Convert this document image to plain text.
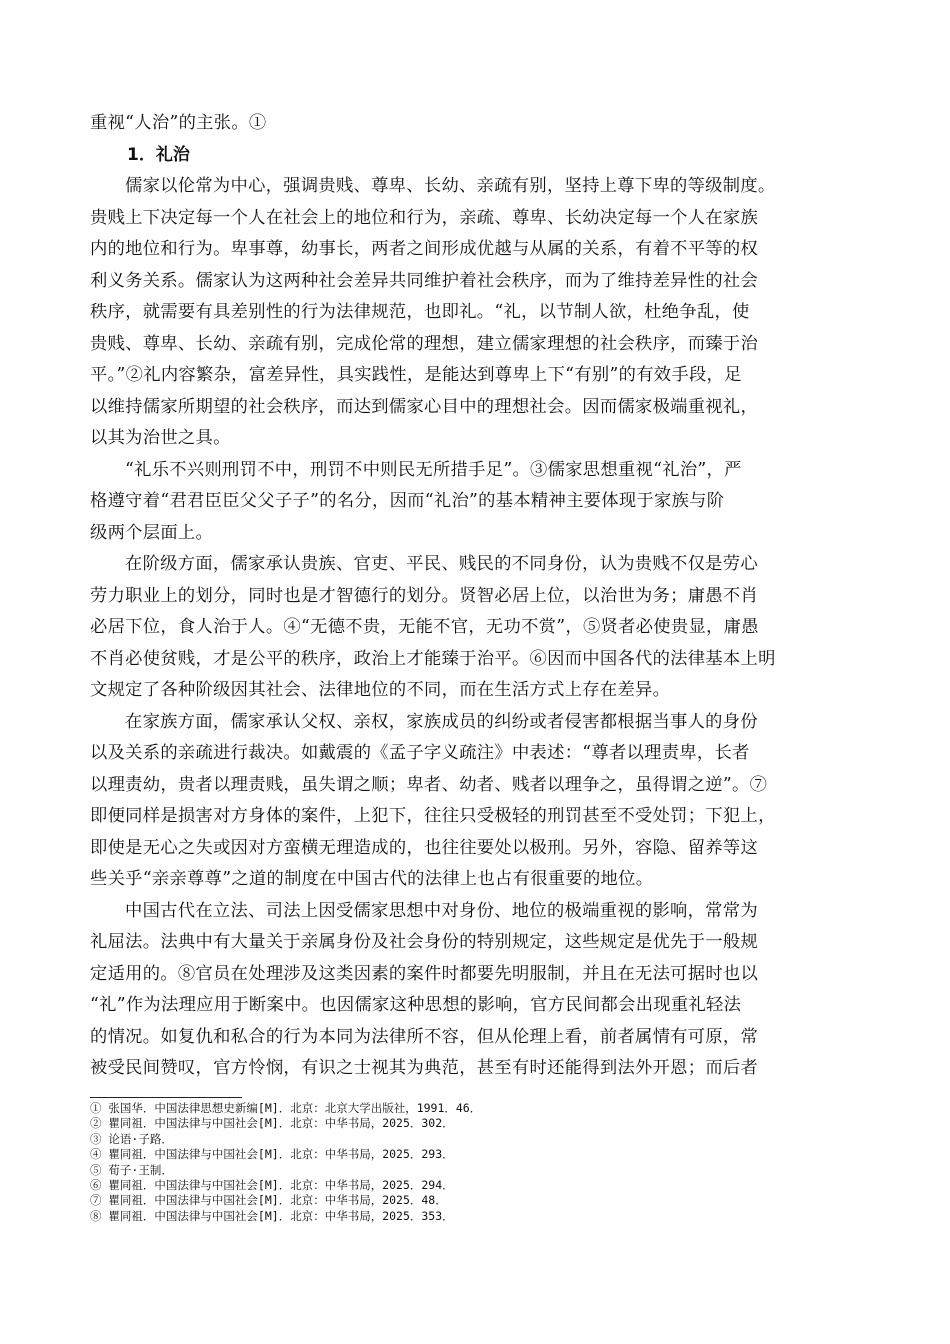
重视“人治”的主张。①

1．礼治

儒家以伦常为中心，强调贵贱、尊卑、长幼、亲疏有别，坚持上尊下卑的等级制度。

贵贱上下决定每一个人在社会上的地位和行为，亲疏、尊卑、长幼决定每一个人在家族

内的地位和行为。卑事尊，幼事长，两者之间形成优越与从属的关系，有着不平等的权

利义务关系。儒家认为这两种社会差异共同维护着社会秩序，而为了维持差异性的社会

秩序，就需要有具差别性的行为法律规范，也即礼。“礼，以节制人欲，杜绝争乱，使

贵贱、尊卑、长幼、亲疏有别，完成伦常的理想，建立儒家理想的社会秩序，而臻于治

平。”②礼内容繁杂，富差异性，具实践性，是能达到尊卑上下“有别”的有效手段，足

以维持儒家所期望的社会秩序，而达到儒家心目中的理想社会。因而儒家极端重视礼，

以其为治世之具。

“礼乐不兴则刑罚不中，刑罚不中则民无所措手足”。③儒家思想重视“礼治”，严

格遵守着“君君臣臣父父子子”的名分，因而“礼治”的基本精神主要体现于家族与阶

级两个层面上。

在阶级方面，儒家承认贵族、官吏、平民、贱民的不同身份，认为贵贱不仅是劳心

劳力职业上的划分，同时也是才智德行的划分。贤智必居上位，以治世为务；庸愚不肖

必居下位，食人治于人。④“无德不贵，无能不官，无功不赏”，⑤贤者必使贵显，庸愚

不肖必使贫贱，才是公平的秩序，政治上才能臻于治平。⑥因而中国各代的法律基本上明

文规定了各种阶级因其社会、法律地位的不同，而在生活方式上存在差异。

在家族方面，儒家承认父权、亲权，家族成员的纠纷或者侵害都根据当事人的身份

以及关系的亲疏进行裁决。如戴震的《孟子字义疏注》中表述：“尊者以理责卑，长者

以理责幼，贵者以理责贱，虽失谓之顺；卑者、幼者、贱者以理争之，虽得谓之逆”。⑦

即便同样是损害对方身体的案件，上犯下，往往只受极轻的刑罚甚至不受处罚；下犯上，

即使是无心之失或因对方蛮横无理造成的，也往往要处以极刑。另外，容隐、留养等这

些关乎“亲亲尊尊”之道的制度在中国古代的法律上也占有很重要的地位。

中国古代在立法、司法上因受儒家思想中对身份、地位的极端重视的影响，常常为

礼屈法。法典中有大量关于亲属身份及社会身份的特别规定，这些规定是优先于一般规

定适用的。⑧官员在处理涉及这类因素的案件时都要先明服制，并且在无法可据时也以

“礼”作为法理应用于断案中。也因儒家这种思想的影响，官方民间都会出现重礼轻法

的情况。如复仇和私合的行为本同为法律所不容，但从伦理上看，前者属情有可原，常

被受民间赞叹，官方怜悯，有识之士视其为典范，甚至有时还能得到法外开恩；而后者

① 张国华．中国法律思想史新编[M]．北京：北京大学出版社，1991．46．

② 瞿同祖．中国法律与中国社会[M]．北京：中华书局，2025．302．

③ 论语·子路．

④ 瞿同祖．中国法律与中国社会[M]．北京：中华书局，2025．293．

⑤ 荀子·王制．

⑥ 瞿同祖．中国法律与中国社会[M]．北京：中华书局，2025．294．

⑦ 瞿同祖．中国法律与中国社会[M]．北京：中华书局，2025．48．

⑧ 瞿同祖．中国法律与中国社会[M]．北京：中华书局，2025．353．
